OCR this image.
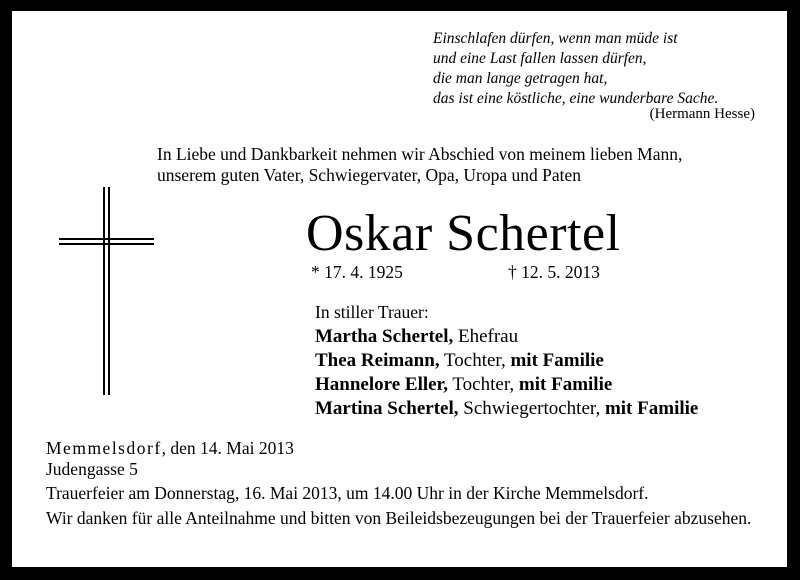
Einschlafen dürfen, wenn man müde ist
und eine Last fallen lassen dürfen,
die man lange getragen hat,
das ist eine köstliche, eine wunderbare Sache.
(Hermann Hesse)
In Liebe und Dankbarkeit nehmen wir Abschied von meinem lieben Mann,
unserem guten Vater, Schwiegervater, Opa, Uropa und Paten
Oskar Schertel
* 17. 4. 1925	† 12. 5. 2013
In stiller Trauer:
Martha Schertel, Ehefrau
Thea Reimann, Tochter, mit Familie
Hannelore Eller, Tochter, mit Familie
Martina Schertel, Schwiegertochter, mit Familie
Memmelsdorf, den 14. Mai 2013
Judengasse 5
Trauerfeier am Donnerstag, 16. Mai 2013, um 14.00 Uhr in der Kirche Memmelsdorf.
Wir danken für alle Anteilnahme und bitten von Beileidsbezeugungen bei der Trauerfeier abzusehen.
